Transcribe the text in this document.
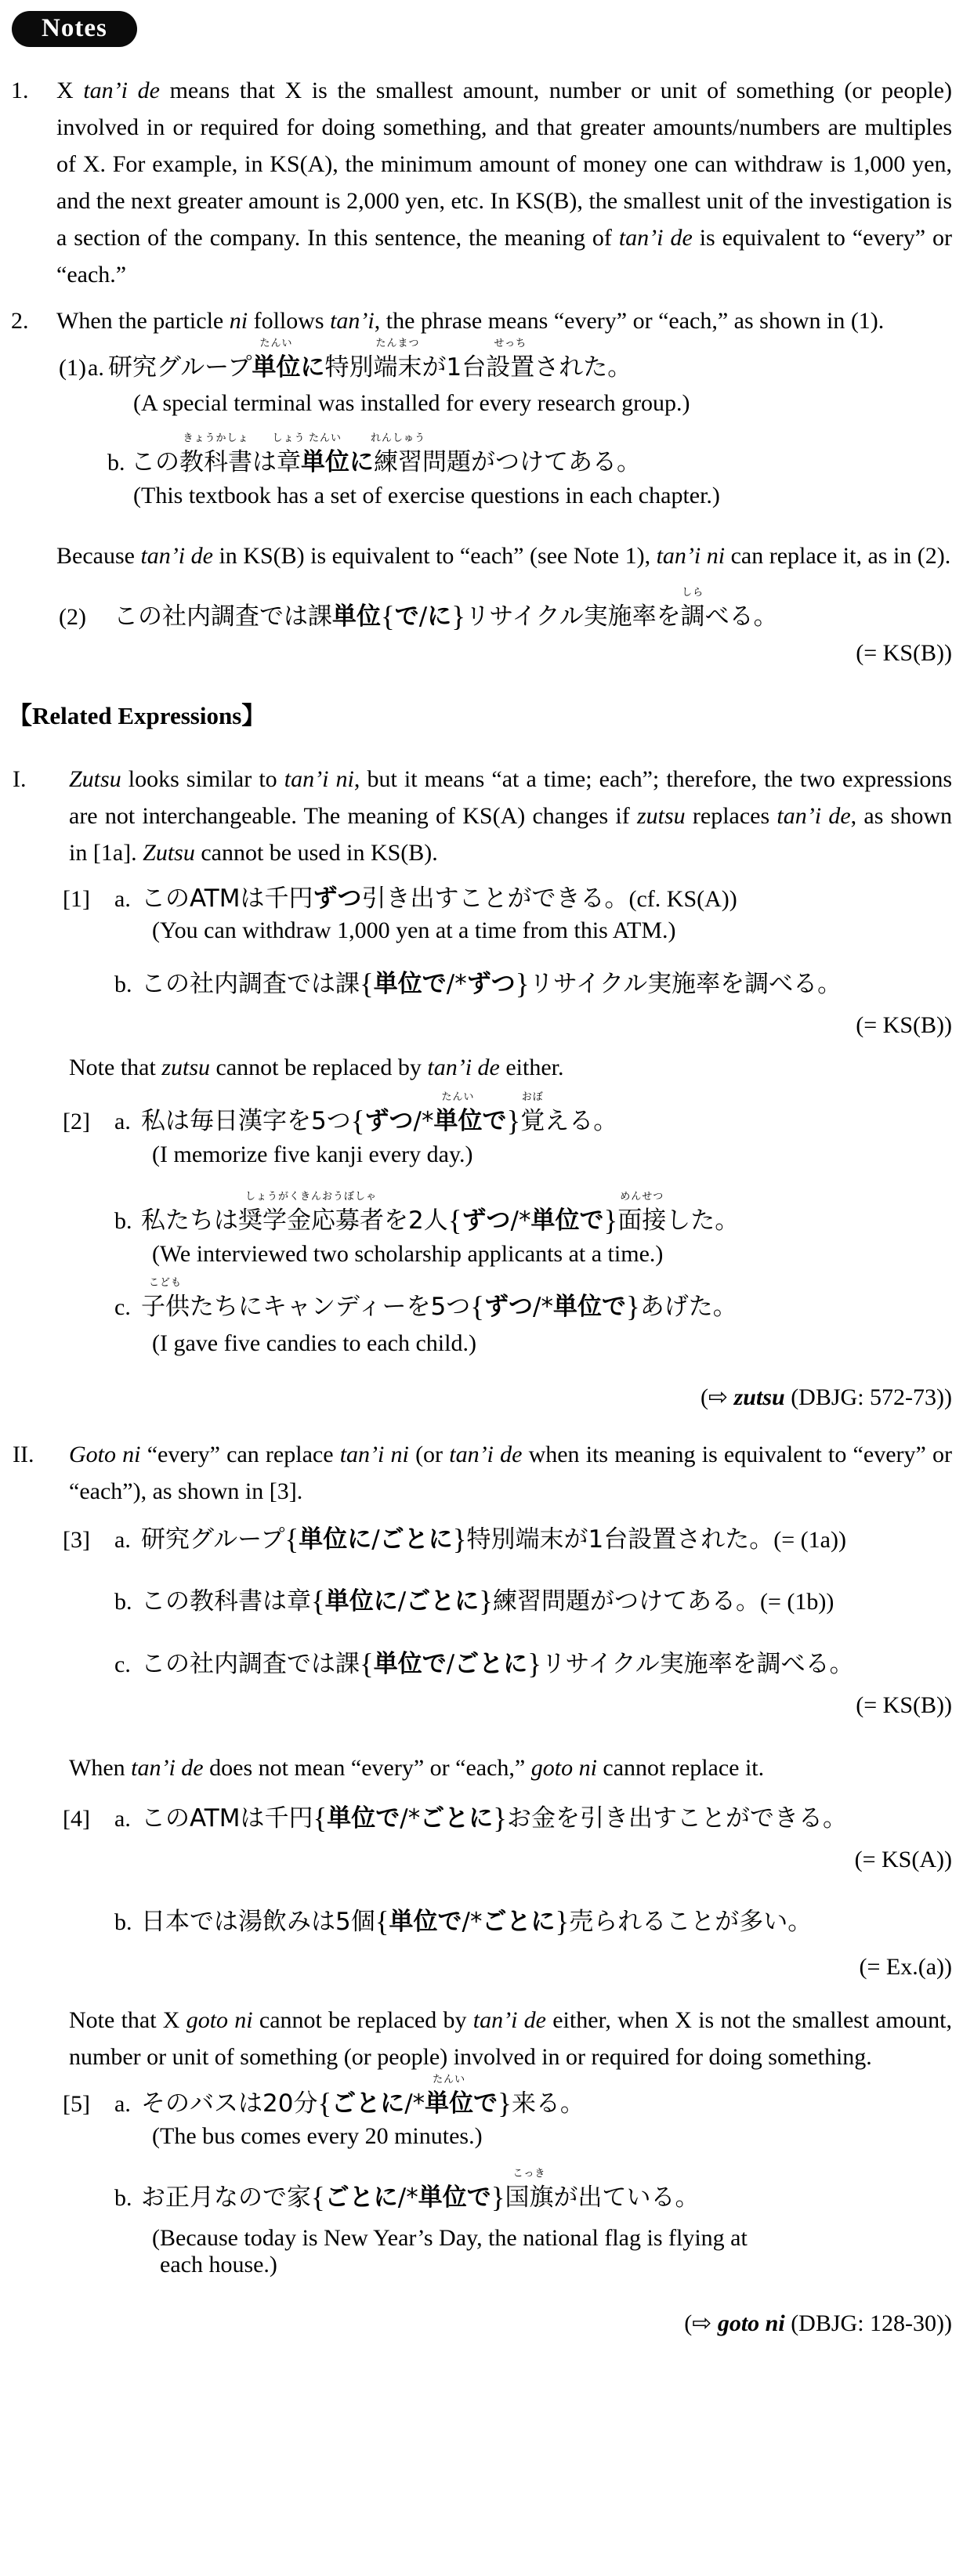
Notes
1. X tan’i de means that X is the smallest amount, number or unit of something (or people) involved in or required for doing something, and that greater amounts/numbers are multiples of X. For example, in KS(A), the minimum amount of money one can withdraw is 1,000 yen, and the next greater amount is 2,000 yen, etc. In KS(B), the smallest unit of the investigation is a section of the company. In this sentence, the meaning of tan’i de is equivalent to “every” or “each.”
2. When the particle ni follows tan’i, the phrase means “every” or “each,” as shown in (1).
(1) a. 研究グループ
たんい
単位に特別
たんまつ
端末が1台
せっち
設置された。
(A special terminal was installed for every research group.)
b. この
きょうかしょ
教科書は
しょう
章
たんい
単位に
れんしゅう
練習問題がつけてある。
(This textbook has a set of exercise questions in each chapter.)
Because tan’i de in KS(B) is equivalent to “each” (see Note 1), tan’i ni can replace it, as in (2).
(2) この社内調査では課単位{で/に}リサイクル実施率を
しら
調べる。
(= KS(B))
【Related Expressions】
I. Zutsu looks similar to tan’i ni, but it means “at a time; each”; therefore, the two expressions are not interchangeable. The meaning of KS(A) changes if zutsu replaces tan’i de, as shown in [1a]. Zutsu cannot be used in KS(B).
[1] a. このATMは千円ずつ引き出すことができる。(cf. KS(A))
(You can withdraw 1,000 yen at a time from this ATM.)
b. この社内調査では課{単位で/*ずつ}リサイクル実施率を調べる。
(= KS(B))
Note that zutsu cannot be replaced by tan’i de either.
[2] a. 私は毎日漢字を5つ{ずつ/*
たんい
単位で}
おぼ
覚える。
(I memorize five kanji every day.)
b. 私たちは
しょうがくきんおうぼしゃ
奨学金応募者を2人{ずつ/*単位で}
めんせつ
面接した。
(We interviewed two scholarship applicants at a time.)
c.
こども
子供たちにキャンディーを5つ{ずつ/*単位で}あげた。
(I gave five candies to each child.)
(⇨ zutsu (DBJG: 572-73))
II. Goto ni “every” can replace tan’i ni (or tan’i de when its meaning is equivalent to “every” or “each”), as shown in [3].
[3] a. 研究グループ{単位に/ごとに}特別端末が1台設置された。(= (1a))
b. この教科書は章{単位に/ごとに}練習問題がつけてある。(= (1b))
c. この社内調査では課{単位で/ごとに}リサイクル実施率を調べる。
(= KS(B))
When tan’i de does not mean “every” or “each,” goto ni cannot replace it.
[4] a. このATMは千円{単位で/*ごとに}お金を引き出すことができる。
(= KS(A))
b. 日本では湯飲みは5個{単位で/*ごとに}売られることが多い。
(= Ex.(a))
Note that X goto ni cannot be replaced by tan’i de either, when X is not the smallest amount, number or unit of something (or people) involved in or required for doing something.
[5] a. そのバスは20分{ごとに/*
たんい
単位で}来る。
(The bus comes every 20 minutes.)
b. お正月なので家{ごとに/*単位で}
こっき
国旗が出ている。
(Because today is New Year’s Day, the national flag is flying at
each house.)
(⇨ goto ni (DBJG: 128-30))
